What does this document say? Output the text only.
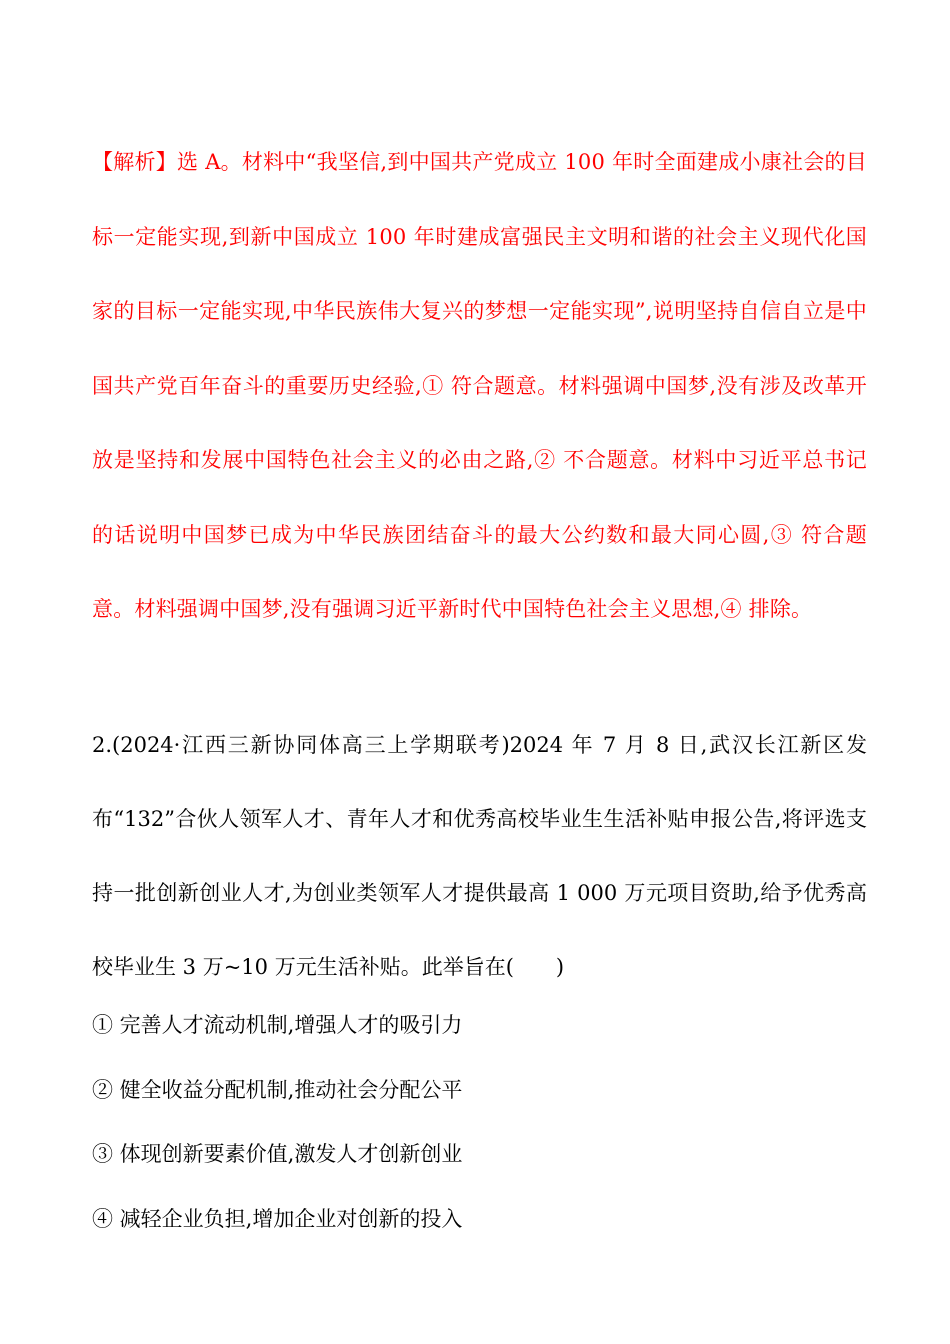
【解析】选 A。材料中“我坚信,到中国共产党成立 100 年时全面建成小康社会的目标一定能实现,到新中国成立 100 年时建成富强民主文明和谐的社会主义现代化国家的目标一定能实现,中华民族伟大复兴的梦想一定能实现”,说明坚持自信自立是中国共产党百年奋斗的重要历史经验,① 符合题意。材料强调中国梦,没有涉及改革开放是坚持和发展中国特色社会主义的必由之路,② 不合题意。材料中习近平总书记的话说明中国梦已成为中华民族团结奋斗的最大公约数和最大同心圆,③ 符合题意。材料强调中国梦,没有强调习近平新时代中国特色社会主义思想,④ 排除。

2.(2024·江西三新协同体高三上学期联考)2024 年 7 月 8 日,武汉长江新区发布“132”合伙人领军人才、青年人才和优秀高校毕业生生活补贴申报公告,将评选支持一批创新创业人才,为创业类领军人才提供最高 1 000 万元项目资助,给予优秀高校毕业生 3 万~10 万元生活补贴。此举旨在(　　)

① 完善人才流动机制,增强人才的吸引力
② 健全收益分配机制,推动社会分配公平
③ 体现创新要素价值,激发人才创新创业
④ 减轻企业负担,增加企业对创新的投入
